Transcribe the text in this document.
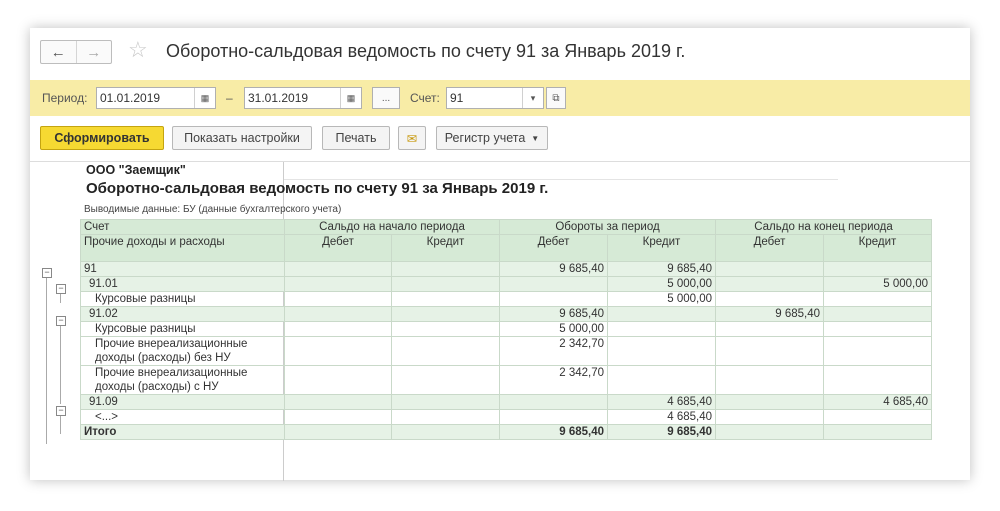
← → ☆ Оборотно-сальдовая ведомость по счету 91 за Январь 2019 г.
Период: 01.01.2019	▦	– 31.01.2019	▦	...	Счет: 91	▾	⧉
Сформировать	Показать настройки	Печать	✉	Регистр учета ▼
ООО "Заемщик"
Оборотно-сальдовая ведомость по счету 91 за Январь 2019 г.
Выводимые данные: БУ (данные бухгалтерского учета)
−
−
−
−
Счет	Сальдо на начало периода		Обороты за период		Сальдо на конец периода	
Прочие доходы и расходы	Дебет	Кредит	Дебет	Кредит	Дебет	Кредит
91			9 685,40	9 685,40		
91.01				5 000,00		5 000,00
Курсовые разницы				5 000,00		
91.02			9 685,40		9 685,40	
Курсовые разницы			5 000,00			
Прочие внереализационные доходы (расходы) без НУ			2 342,70			
Прочие внереализационные доходы (расходы) с НУ			2 342,70			
91.09				4 685,40		4 685,40
<...>				4 685,40		
Итого			9 685,40	9 685,40		
